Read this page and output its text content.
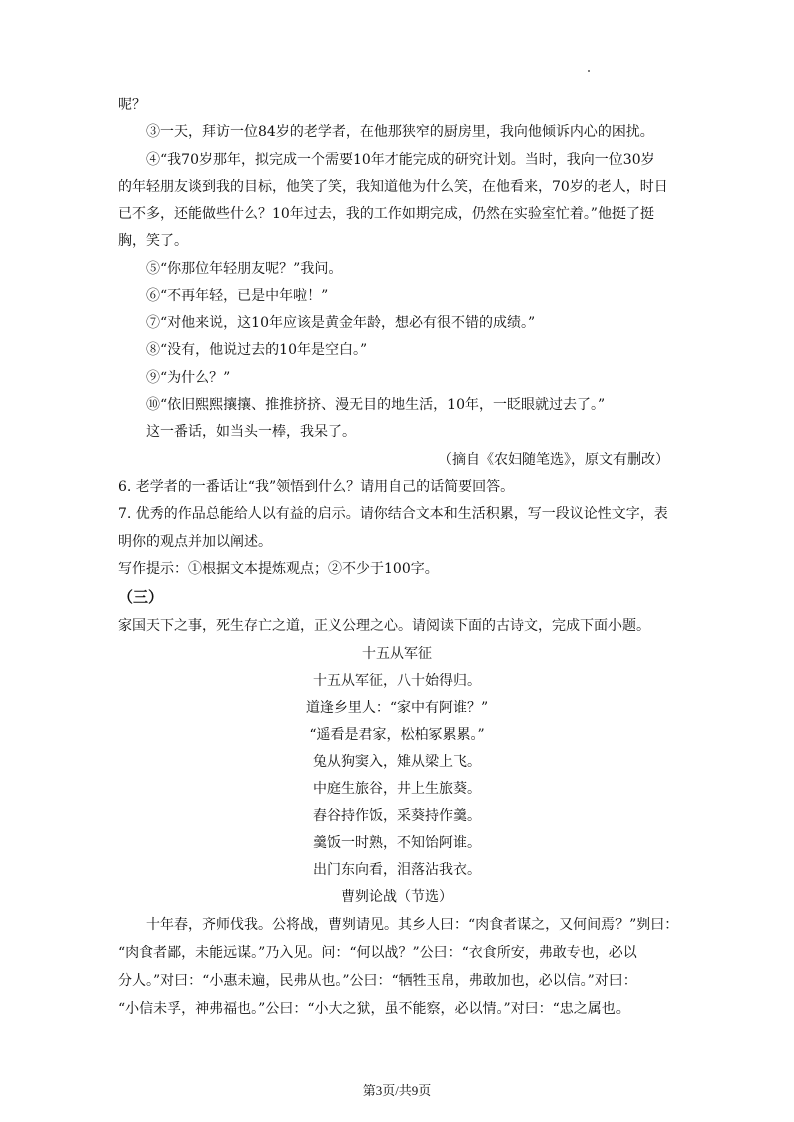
呢？
③一天，拜访一位84岁的老学者，在他那狭窄的厨房里，我向他倾诉内心的困扰。
④“我70岁那年，拟完成一个需要10年才能完成的研究计划。当时，我向一位30岁
的年轻朋友谈到我的目标，他笑了笑，我知道他为什么笑，在他看来，70岁的老人，时日
已不多，还能做些什么？10年过去，我的工作如期完成，仍然在实验室忙着。”他挺了挺
胸，笑了。
⑤“你那位年轻朋友呢？”我问。
⑥“不再年轻，已是中年啦！”
⑦“对他来说，这10年应该是黄金年龄，想必有很不错的成绩。”
⑧“没有，他说过去的10年是空白。”
⑨“为什么？”
⑩“依旧熙熙攘攘、推推挤挤、漫无目的地生活，10年，一眨眼就过去了。”
这一番话，如当头一棒，我呆了。
（摘自《农妇随笔选》，原文有删改）
6. 老学者的一番话让“我”领悟到什么？请用自己的话简要回答。
7. 优秀的作品总能给人以有益的启示。请你结合文本和生活积累，写一段议论性文字，表
明你的观点并加以阐述。
写作提示：①根据文本提炼观点；②不少于100字。
（三）
家国天下之事，死生存亡之道，正义公理之心。请阅读下面的古诗文，完成下面小题。
十五从军征
十五从军征，八十始得归。
道逢乡里人：“家中有阿谁？”
“遥看是君家，松柏冢累累。”
兔从狗窦入，雉从梁上飞。
中庭生旅谷，井上生旅葵。
舂谷持作饭，采葵持作羹。
羹饭一时熟，不知饴阿谁。
出门东向看，泪落沾我衣。
曹刿论战（节选）
十年春，齐师伐我。公将战，曹刿请见。其乡人曰：“肉食者谋之，又何间焉？”刿曰：
“肉食者鄙，未能远谋。”乃入见。问：“何以战？”公曰：“衣食所安，弗敢专也，必以
分人。”对曰：“小惠未遍，民弗从也。”公曰：“牺牲玉帛，弗敢加也，必以信。”对曰：
“小信未孚，神弗福也。”公曰：“小大之狱，虽不能察，必以情。”对曰：“忠之属也。
第3页/共9页
